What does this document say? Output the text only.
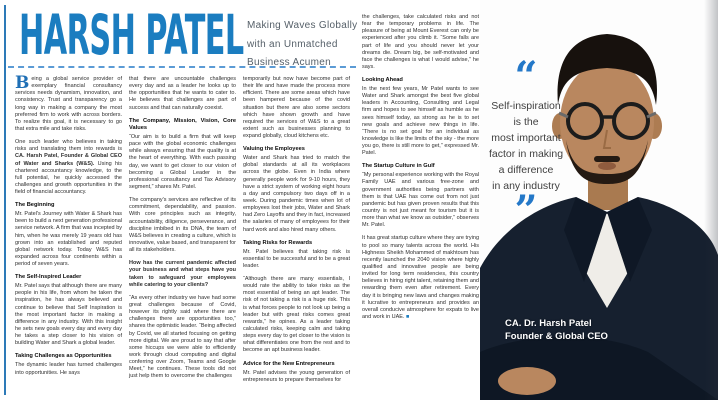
HARSH PATEL Making Waves Globally
with an Unmatched
Business Acumen

Being a global service provider of exemplary financial consultancy services needs dynamism, innovation, and consistency. Trust and transparency go a long way in making a company the most preferred firm to work with across borders. To realize this goal, it is necessary to go that extra mile and take risks.

One such leader who believes in taking risks and translating them into rewards is CA. Harsh Patel, Founder & Global CEO of Water and Sharks (W&S). Using his chartered accountancy knowledge, to the full potential, he quickly accessed the challenges and growth opportunities in the field of financial accountancy.

The Beginning

Mr. Patel's Journey with Water & Shark has been to build a next generation professional service network. A firm that was incepted by him, when he was merely 19 years old has grown into an established and reputed global network today. Today W&S has expanded across four continents within a period of seven years.

The Self-Inspired Leader

Mr. Patel says that although there are many people in his life, from whom he taken the inspiration, he has always believed and continue to believe that Self Inspiration is the most important factor in making a difference in any industry. With this insight he sets new goals every day and every day he takes a step closer to his vision of building Water and Shark a global leader.

Taking Challenges as Opportunities

The dynamic leader has turned challenges into opportunities. He says

that there are uncountable challenges every day and as a leader he looks up to the opportunities that he wants to cater to. He believes that challenges are part of success and that can naturally coexist.

The Company, Mission, Vision, Core Values

“Our aim is to build a firm that will keep pace with the global economic challenges while always ensuring that the quality is at the heart of everything. With each passing day, we want to get closer to our vision of becoming a Global Leader in the professional consultancy and Tax Advisory segment,” shares Mr. Patel.

The company's services are reflective of its commitment, dependability, and passion. With core principles such as integrity, accountability, diligence, perseverance, and discipline imbibed in its DNA, the team of W&S believes in creating a culture, which is innovative, value based, and transparent for all its stakeholders.

How has the current pandemic affected your business and what steps have you taken to safeguard your employees while catering to your clients?

“As every other industry we have had some great challenges because of Covid, however its rightly said where there are challenges there are opportunities too,” shares the optimistic leader. “Being affected by Covid, we all started focusing on getting more digital. We are proud to say that after some hiccups we were able to efficiently work through cloud computing and digital conferring over Zoom, Teams and Google Meet,” he continues. These tools did not just help them to overcome the challenges

temporarily but now have become part of their life and have made the process more efficient. There are some areas which have been hampered because of the covid situation but there are also some sectors which have shown growth and have required the services of W&S to a great extent such as businesses planning to expand globally, cloud kitchens etc.

Valuing the Employees

Water and Shark has tried to match the global standards at all its workplaces across the globe. Even in India where generally people work for 9-10 hours, they have a strict system of working eight hours a day and compulsory two days off in a week. During pandemic times when lot of employees lost their jobs, Water and Shark had Zero Layoffs and they in fact, increased the salaries of many of employees for their hard work and also hired many others.

Taking Risks for Rewards

Mr. Patel believes that taking risk is essential to be successful and to be a great leader.

“Although there are many essentials, I would rate the ability to take risks as the most essential of being an apt leader. The risk of not taking a risk is a huge risk. This is what forces people to not look up being a leader but with great risks comes great rewards,” he opines. As a leader taking calculated risks, keeping calm and taking steps every day to get closer to the vision is what differentiates one from the rest and to become an apt business leader.

Advice for the New Entrepreneurs

Mr. Patel advises the young generation of entrepreneurs to prepare themselves for

the challenges, take calculated risks and not fear the temporary problems in life. The pleasure of being at Mount Everest can only be experienced after you climb it. “Some falls are part of life and you should never let your dreams die. Dream big, be self-motivated and face the challenges is what I would advise,” he says.

Looking Ahead

In the next few years, Mr Patel wants to see Water and Shark amongst the best five global leaders in Accounting, Consulting and Legal firm and hopes to see himself as humble as he sees himself today, as strong as he is to set new goals and achieve new things in life. “There is no set goal for an individual as knowledge is like the limits of the sky - the more you go, there is still more to get,” expressed Mr. Patel.

The Startup Culture in Gulf

“My personal experience working with the Royal Family UAE and various free-zone and government authorities being partners with them is that UAE has come out from not just pandemic but has given proven results that this country is not just meant for tourism but it is more than what we know as outsider,” observes Mr. Patel.

It has great startup culture where they are trying to pool so many talents across the world. His Highness Sheikh Mohammed of makhtoum has recently launched the 2040 vision where highly qualified and innovative people are being invited for long term residencies, this country believes in hiring right talent, retaining them and rewarding them even after retirement. Every day it is bringing new laws and changes making it lucrative to entrepreneurs and provides an overall conducive atmosphere for expats to live and work in UAE. ■

“
Self-inspiration
is the
most important
factor in making
a difference
in any industry
”
CA. Dr. Harsh Patel
Founder & Global CEO
